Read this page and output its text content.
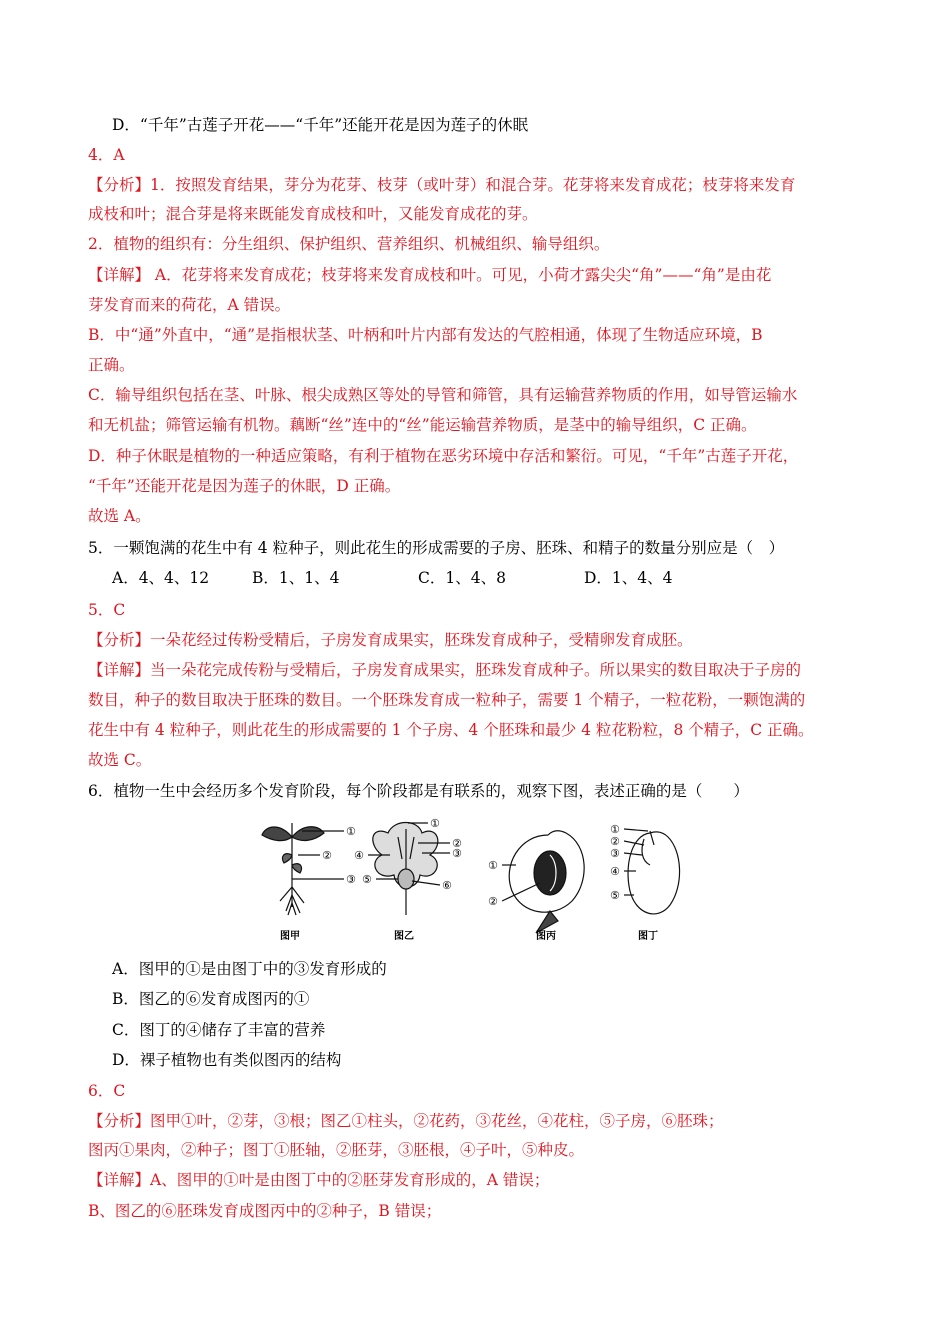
D．“千年”古莲子开花——“千年”还能开花是因为莲子的休眠
4．A
【分析】1．按照发育结果，芽分为花芽、枝芽（或叶芽）和混合芽。花芽将来发育成花；枝芽将来发育
成枝和叶；混合芽是将来既能发育成枝和叶，又能发育成花的芽。
2．植物的组织有：分生组织、保护组织、营养组织、机械组织、输导组织。
【详解】 A．花芽将来发育成花；枝芽将来发育成枝和叶。可见，小荷才露尖尖“角”——“角”是由花
芽发育而来的荷花，A 错误。
B．中“通”外直中，“通”是指根状茎、叶柄和叶片内部有发达的气腔相通，体现了生物适应环境，B
正确。
C．输导组织包括在茎、叶脉、根尖成熟区等处的导管和筛管，具有运输营养物质的作用，如导管运输水
和无机盐；筛管运输有机物。藕断“丝”连中的“丝”能运输营养物质，是茎中的输导组织，C 正确。
D．种子休眠是植物的一种适应策略，有利于植物在恶劣环境中存活和繁衍。可见，“千年”古莲子开花，
“千年”还能开花是因为莲子的休眠，D 正确。
故选 A。
5．一颗饱满的花生中有 4 粒种子，则此花生的形成需要的子房、胚珠、和精子的数量分别应是（　）
A．4、4、12	B．1、1、4	C．1、4、8	D．1、4、4
5．C
【分析】一朵花经过传粉受精后，子房发育成果实，胚珠发育成种子，受精卵发育成胚。
【详解】当一朵花完成传粉与受精后，子房发育成果实，胚珠发育成种子。所以果实的数目取决于子房的
数目，种子的数目取决于胚珠的数目。一个胚珠发育成一粒种子，需要 1 个精子，一粒花粉，一颗饱满的
花生中有 4 粒种子，则此花生的形成需要的 1 个子房、4 个胚珠和最少 4 粒花粉粒，8 个精子，C 正确。
故选 C。
6．植物一生中会经历多个发育阶段，每个阶段都是有联系的，观察下图，表述正确的是（　　）
①
②
③
①
②
③
④
⑤	⑥
①
②
①
②
③
④
⑤
图甲	图乙	图丙	图丁
A．图甲的①是由图丁中的③发育形成的
B．图乙的⑥发育成图丙的①
C．图丁的④储存了丰富的营养
D．裸子植物也有类似图丙的结构
6．C
【分析】图甲①叶，②芽，③根；图乙①柱头，②花药，③花丝，④花柱，⑤子房，⑥胚珠；
图丙①果肉，②种子；图丁①胚轴，②胚芽，③胚根，④子叶，⑤种皮。
【详解】A、图甲的①叶是由图丁中的②胚芽发育形成的，A 错误；
B、图乙的⑥胚珠发育成图丙中的②种子，B 错误；
